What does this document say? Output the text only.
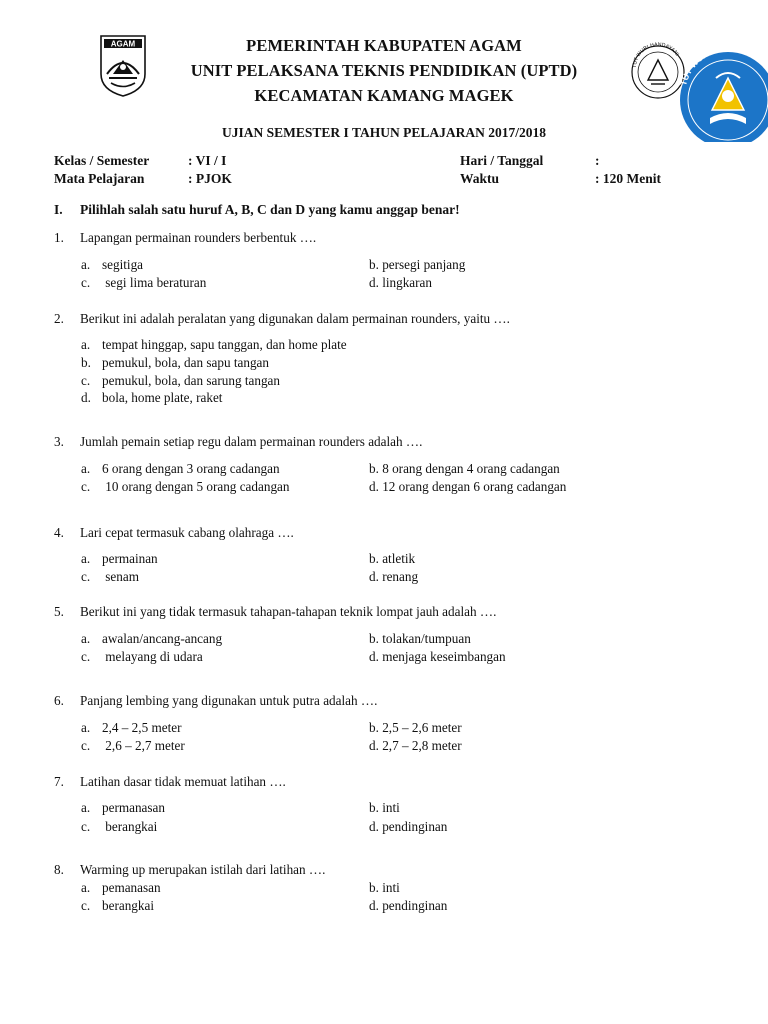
AGAM
TUT WURI HANDAYANI
TUT WURI HANDAYANI
PEMERINTAH KABUPATEN AGAM
UNIT PELAKSANA TEKNIS PENDIDIKAN (UPTD)
KECAMATAN KAMANG MAGEK
UJIAN SEMESTER I TAHUN PELAJARAN 2017/2018
Kelas / Semester	: VI / I
Mata Pelajaran	: PJOK
Hari / Tanggal	:
Waktu	: 120 Menit
I. Pilihlah salah satu huruf A, B, C dan D yang kamu anggap benar!
1. Lapangan permainan rounders berbentuk ….
a. segitiga	b. persegi panjang
c. segi lima beraturan	d. lingkaran
2. Berikut ini adalah peralatan yang digunakan dalam permainan rounders, yaitu ….
a. tempat hinggap, sapu tanggan, dan home plate
b. pemukul, bola, dan sapu tangan
c. pemukul, bola, dan sarung tangan
d. bola, home plate, raket
3. Jumlah pemain setiap regu dalam permainan rounders adalah ….
a. 6 orang dengan 3 orang cadangan	b. 8 orang dengan 4 orang cadangan
c. 10 orang dengan 5 orang cadangan	d. 12 orang dengan 6 orang cadangan
4. Lari cepat termasuk cabang olahraga ….
a. permainan	b. atletik
c. senam	d. renang
5. Berikut ini yang tidak termasuk tahapan-tahapan teknik lompat jauh adalah ….
a. awalan/ancang-ancang	b. tolakan/tumpuan
c. melayang di udara	d. menjaga keseimbangan
6. Panjang lembing yang digunakan untuk putra adalah ….
a. 2,4 – 2,5 meter	b. 2,5 – 2,6 meter
c. 2,6 – 2,7 meter	d. 2,7 – 2,8 meter
7. Latihan dasar tidak memuat latihan ….
a. permanasan	b. inti
c. berangkai	d. pendinginan
8. Warming up merupakan istilah dari latihan ….
a. pemanasan	b. inti
c. berangkai	d. pendinginan
